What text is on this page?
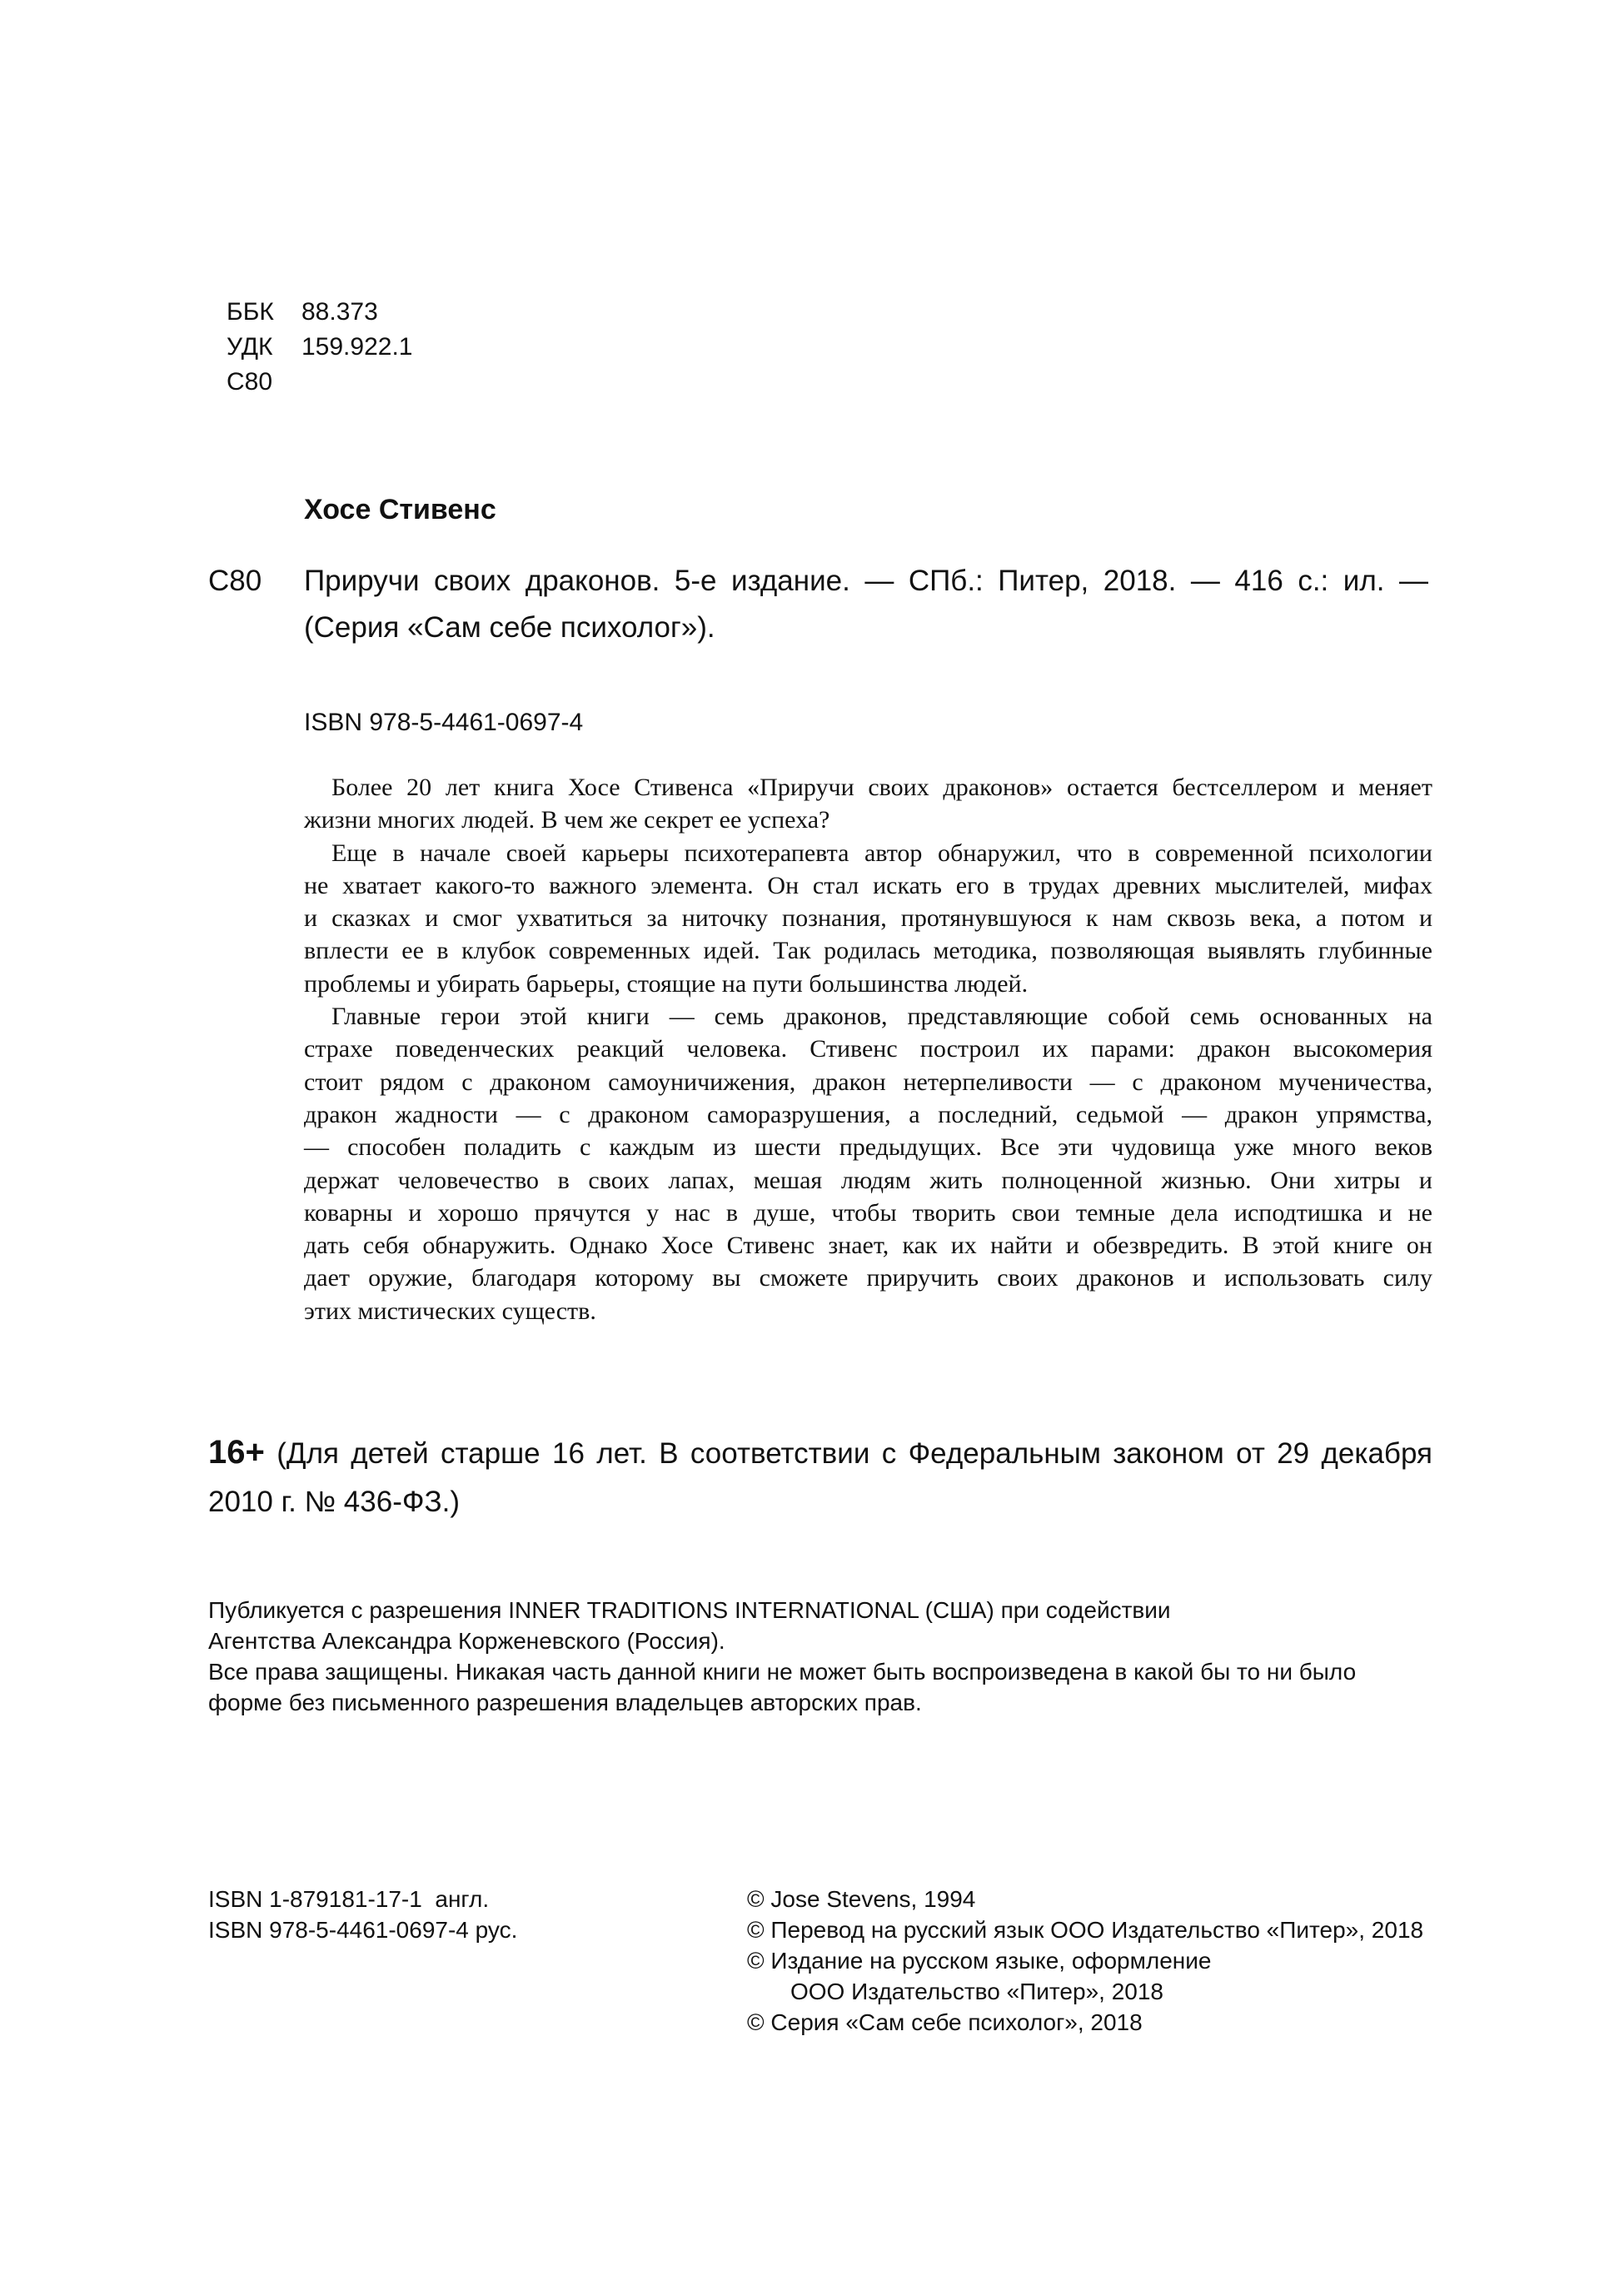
ББК 88.373
УДК 159.922.1
С80
Хосе Стивенс
С80 Приручи своих драконов. 5-е издание. — СПб.: Питер, 2018. — 416 с.: ил. —
(Серия «Сам себе психолог»).
ISBN 978-5-4461-0697-4
Более 20 лет книга Хосе Стивенса «Приручи своих драконов» остается бестселлером и меняет
жизни многих людей. В чем же секрет ее успеха?
Еще в начале своей карьеры психотерапевта автор обнаружил, что в современной психологии
не хватает какого-то важного элемента. Он стал искать его в трудах древних мыслителей, мифах
и сказках и смог ухватиться за ниточку познания, протянувшуюся к нам сквозь века, а потом и
вплести ее в клубок современных идей. Так родилась методика, позволяющая выявлять глубинные
проблемы и убирать барьеры, стоящие на пути большинства людей.
Главные герои этой книги — семь драконов, представляющие собой семь основанных на
страхе поведенческих реакций человека. Стивенс построил их парами: дракон высокомерия
стоит рядом с драконом самоуничижения, дракон нетерпеливости — с драконом мученичества,
дракон жадности — с драконом саморазрушения, а последний, седьмой — дракон упрямства,
— способен поладить с каждым из шести предыдущих. Все эти чудовища уже много веков
держат человечество в своих лапах, мешая людям жить полноценной жизнью. Они хитры и
коварны и хорошо прячутся у нас в душе, чтобы творить свои темные дела исподтишка и не
дать себя обнаружить. Однако Хосе Стивенс знает, как их найти и обезвредить. В этой книге он
дает оружие, благодаря которому вы сможете приручить своих драконов и использовать силу
этих мистических существ.
16+ (Для детей старше 16 лет. В соответствии с Федеральным законом от 29 декабря
2010 г. № 436-ФЗ.)
Публикуется с разрешения INNER TRADITIONS INTERNATIONAL (США) при содействии
Агентства Александра Корженевского (Россия).
Все права защищены. Никакая часть данной книги не может быть воспроизведена в какой бы то ни было
форме без письменного разрешения владельцев авторских прав.
ISBN 1-879181-17-1  англ.
ISBN 978-5-4461-0697-4 рус.
© Jose Stevens, 1994
© Перевод на русский язык ООО Издательство «Питер», 2018
© Издание на русском языке, оформление
ООО Издательство «Питер», 2018
© Серия «Сам себе психолог», 2018
